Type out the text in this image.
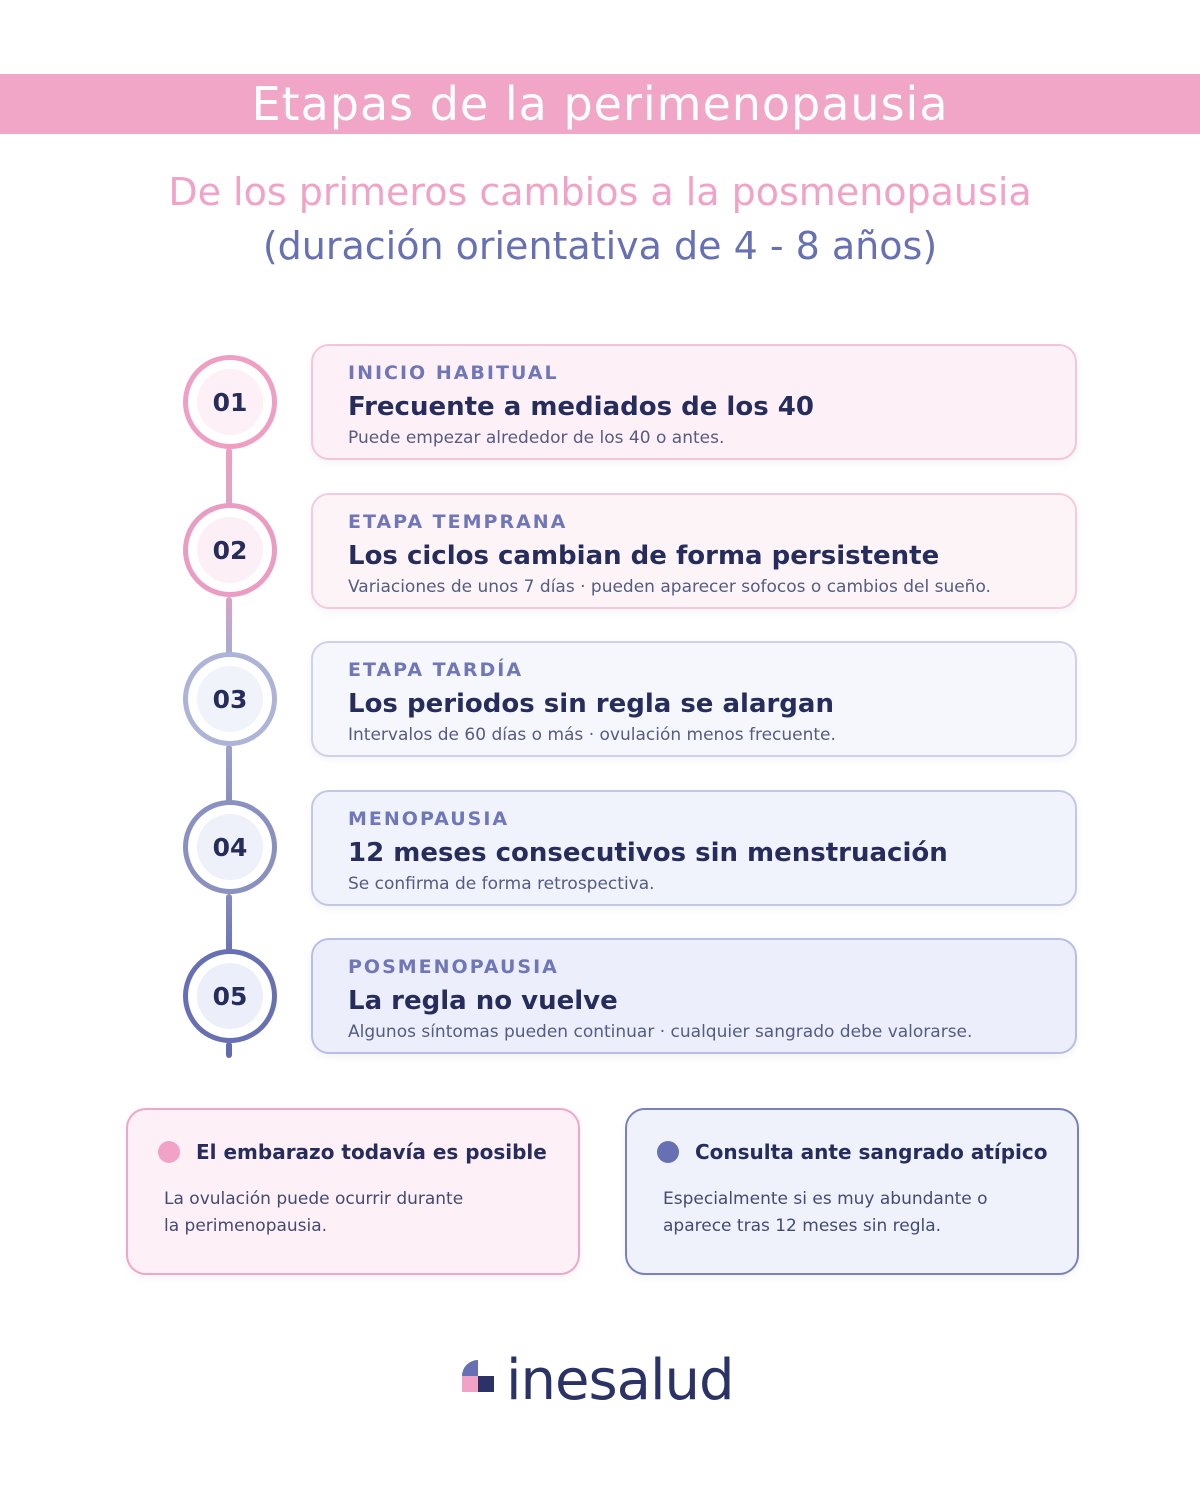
Etapas de la perimenopausia
De los primeros cambios a la posmenopausia
(duración orientativa de 4 - 8 años)
01
INICIO HABITUAL
Frecuente a mediados de los 40
Puede empezar alrededor de los 40 o antes.
02
ETAPA TEMPRANA
Los ciclos cambian de forma persistente
Variaciones de unos 7 días · pueden aparecer sofocos o cambios del sueño.
03
ETAPA TARDÍA
Los periodos sin regla se alargan
Intervalos de 60 días o más · ovulación menos frecuente.
04
MENOPAUSIA
12 meses consecutivos sin menstruación
Se confirma de forma retrospectiva.
05
POSMENOPAUSIA
La regla no vuelve
Algunos síntomas pueden continuar · cualquier sangrado debe valorarse.
El embarazo todavía es posible
La ovulación puede ocurrir durante
la perimenopausia.
Consulta ante sangrado atípico
Especialmente si es muy abundante o
aparece tras 12 meses sin regla.
inesalud
